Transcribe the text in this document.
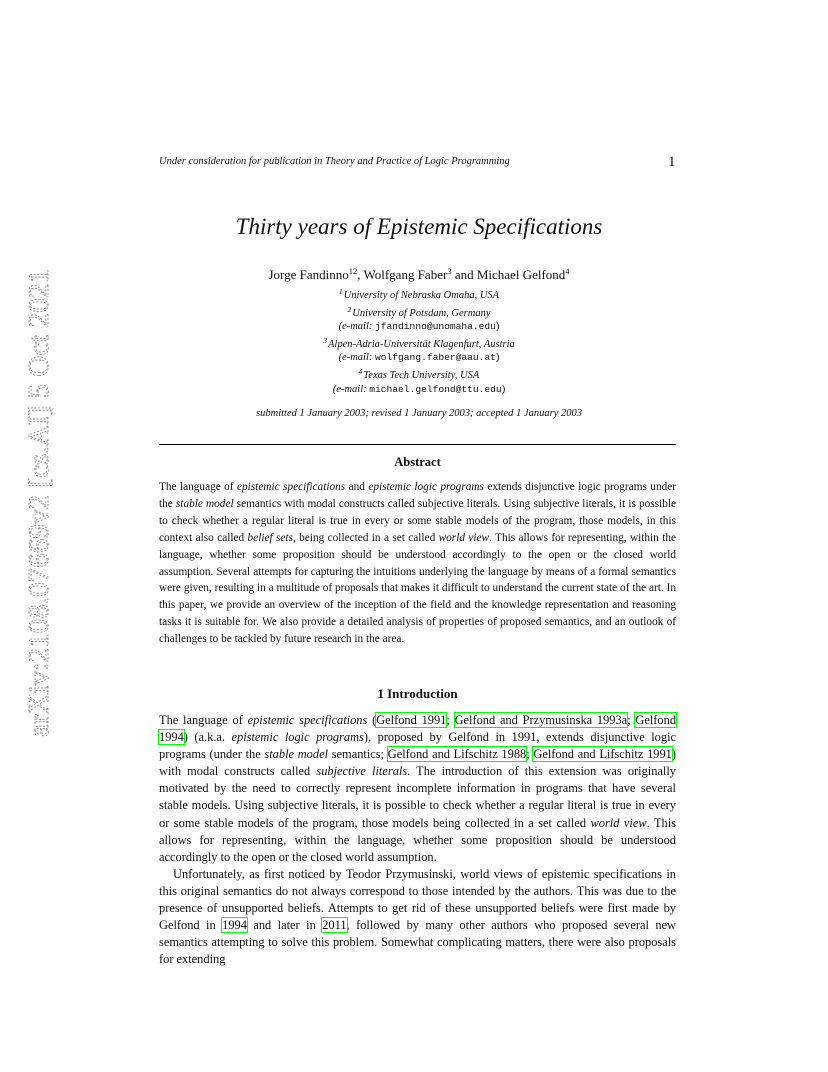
arXiv:2108.07669v2 [cs.AI] 5 Oct 2021
Under consideration for publication in Theory and Practice of Logic Programming	1
Thirty years of Epistemic Specifications
Jorge Fandinno$^{12}$, Wolfgang Faber$^3$ and Michael Gelfond$^4$
$^1$University of Nebraska Omaha, USA
$^2$University of Potsdam, Germany
(e-mail: jfandinno@unomaha.edu)
$^3$Alpen-Adria-Universität Klagenfurt, Austria
(e-mail: wolfgang.faber@aau.at)
$^4$Texas Tech University, USA
(e-mail: michael.gelfond@ttu.edu)
submitted 1 January 2003; revised 1 January 2003; accepted 1 January 2003
Abstract
The language of epistemic specifications and epistemic logic programs extends disjunctive logic programs under the stable model semantics with modal constructs called subjective literals. Using subjective literals, it is possible to check whether a regular literal is true in every or some stable models of the program, those models, in this context also called belief sets, being collected in a set called world view. This allows for representing, within the language, whether some proposition should be understood accordingly to the open or the closed world assumption. Several attempts for capturing the intuitions underlying the language by means of a formal semantics were given, resulting in a multitude of proposals that makes it difficult to understand the current state of the art. In this paper, we provide an overview of the inception of the field and the knowledge representation and reasoning tasks it is suitable for. We also provide a detailed analysis of properties of proposed semantics, and an outlook of challenges to be tackled by future research in the area.
1 Introduction

The language of epistemic specifications (Gelfond 1991; Gelfond and Przymusinska 1993a; Gelfond 1994) (a.k.a. epistemic logic programs), proposed by Gelfond in 1991, extends disjunctive logic programs (under the stable model semantics; Gelfond and Lifschitz 1988; Gelfond and Lifschitz 1991) with modal constructs called subjective literals. The introduction of this extension was originally motivated by the need to correctly represent incomplete information in programs that have several stable models. Using subjective literals, it is possible to check whether a regular literal is true in every or some stable models of the program, those models being collected in a set called world view. This allows for representing, within the language, whether some proposition should be understood accordingly to the open or the closed world assumption.

Unfortunately, as first noticed by Teodor Przymusinski, world views of epistemic specifications in this original semantics do not always correspond to those intended by the authors. This was due to the presence of unsupported beliefs. Attempts to get rid of these unsupported beliefs were first made by Gelfond in 1994 and later in 2011, followed by many other authors who proposed several new semantics attempting to solve this problem. Somewhat complicating matters, there were also proposals for extending
